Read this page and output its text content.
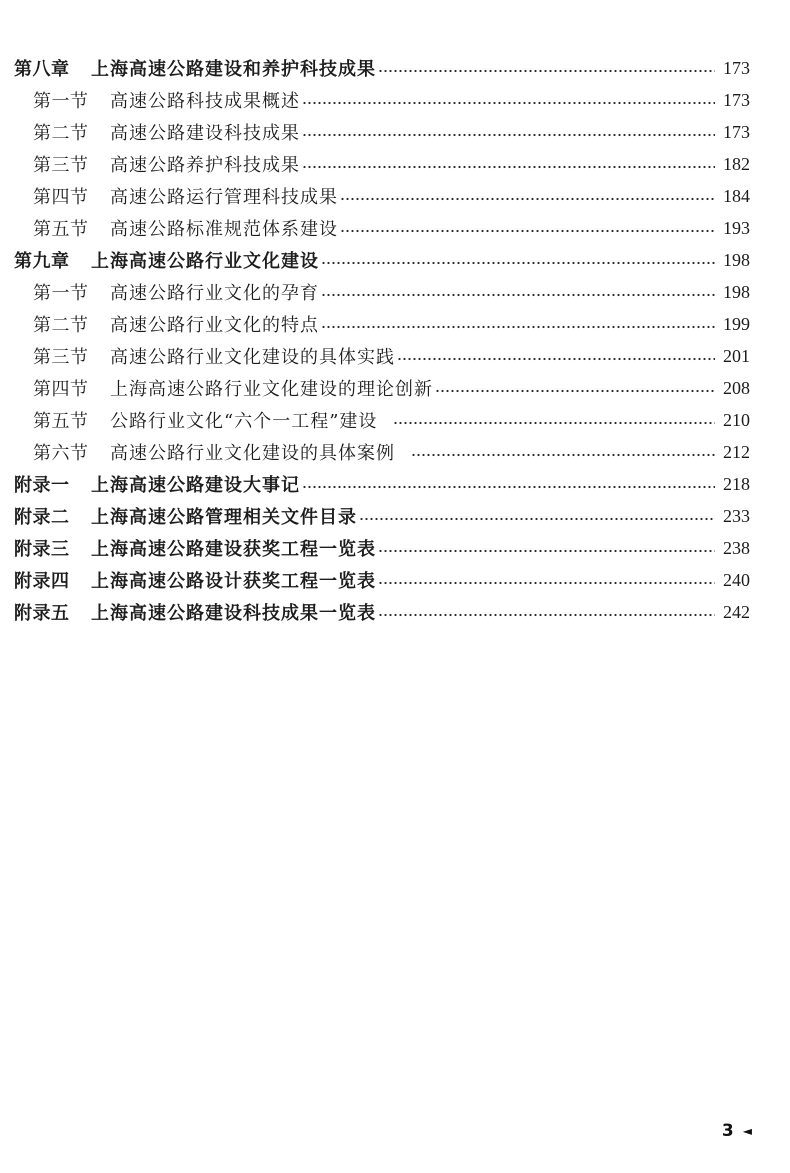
第八章	上海高速公路建设和养护科技成果	173
第一节	高速公路科技成果概述	173
第二节	高速公路建设科技成果	173
第三节	高速公路养护科技成果	182
第四节	高速公路运行管理科技成果	184
第五节	高速公路标准规范体系建设	193
第九章	上海高速公路行业文化建设	198
第一节	高速公路行业文化的孕育	198
第二节	高速公路行业文化的特点	199
第三节	高速公路行业文化建设的具体实践	201
第四节	上海高速公路行业文化建设的理论创新	208
第五节	公路行业文化“六个一工程”建设	210
第六节	高速公路行业文化建设的具体案例	212
附录一	上海高速公路建设大事记	218
附录二	上海高速公路管理相关文件目录	233
附录三	上海高速公路建设获奖工程一览表	238
附录四	上海高速公路设计获奖工程一览表	240
附录五	上海高速公路建设科技成果一览表	242
3 ◄
